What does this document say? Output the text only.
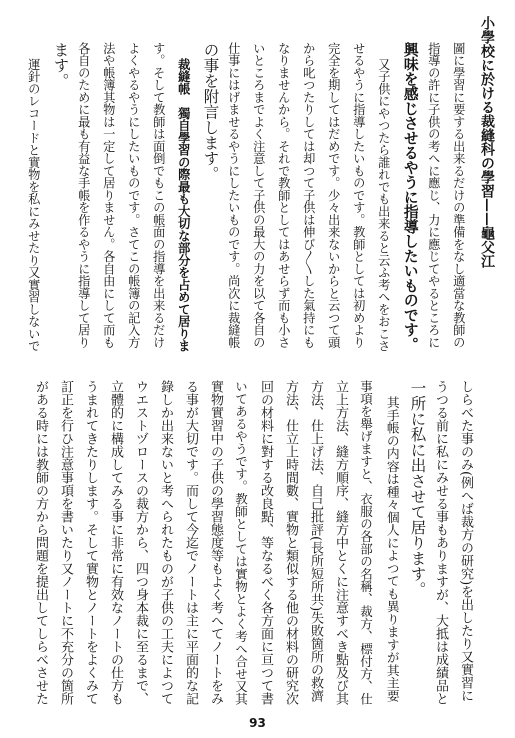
小學校に於ける裁縫科の學習——龜父江
圖に學習に要する出来るだけの準備をなし適當な教師の
指導の許に子供の考へに應じ、力に應じてやるところに
興味を感じさせるやうに指導したいものです。
又子供にやつたら誰れでも出来ると云ふ考へをおこさ
せるやうに指導したいものです。教師としては初めより
完全を期してはだめです。少々出来ないからと云つて頭
から叱つたりしては却つて子供は伸び〳〵した氣持にも
なりませんから。それで教師としてはあせらず而も小さ
いところまでよく注意して子供の最大の力を以て各自の
仕事にはげませるやうにしたいものです。尚次に裁縫帳
の事を附言します。
裁縫帳　獨自學習の際最も大切な部分を占めて居りま
す。そして教師は面倒でもこの帳面の指導を出来るだけ
よくやるやうにしたいものです。さてこの帳簿の記入方
法や帳簿其物は一定して居りません。各自由にして而も
各自のために最も有益な手帳を作るやうに指導して居り
ます。
運針のレコードと實物を私にみせたり又實習しないで
しらべた事のみ(例へば裁方の研究)を出したり又實習に
うつる前に私にみせる事もありますが、大抵は成績品と
一所に私に出させて居ります。
其手帳の内容は種々個人によつても異りますが其主要
事項を舉げますと、衣服の各部の名稱、裁方、標付方、仕
立上方法、縫方順序、縫方中とくに注意すべき點及び其
方法、仕上げ法、自己批評(長所短所共)失敗箇所の救濟
方法、仕立上時間數、實物と類似する他の材料の研究次
回の材料に對する改良點、等なるべく各方面に亘つて書
いてあるやうです。教師としては實物とよく考へ合せ又其
實物實習中の子供の學習態度等もよく考へてノートをみ
る事が大切です。而して今迄でノートは主に平面的な記
錄しか出来ないと考へられたものが子供の工夫によつて
ウエストヅロースの裁方から、四つ身本裁に至るまで、
立體的に構成してみる事に非常に有效なノートの仕方も
うまれてきたりします。そして實物とノートをよくみて
訂正を行ひ注意事項を書いたり又ノートに不充分の箇所
がある時には教師の方から問題を提出してしらべさせた
93
